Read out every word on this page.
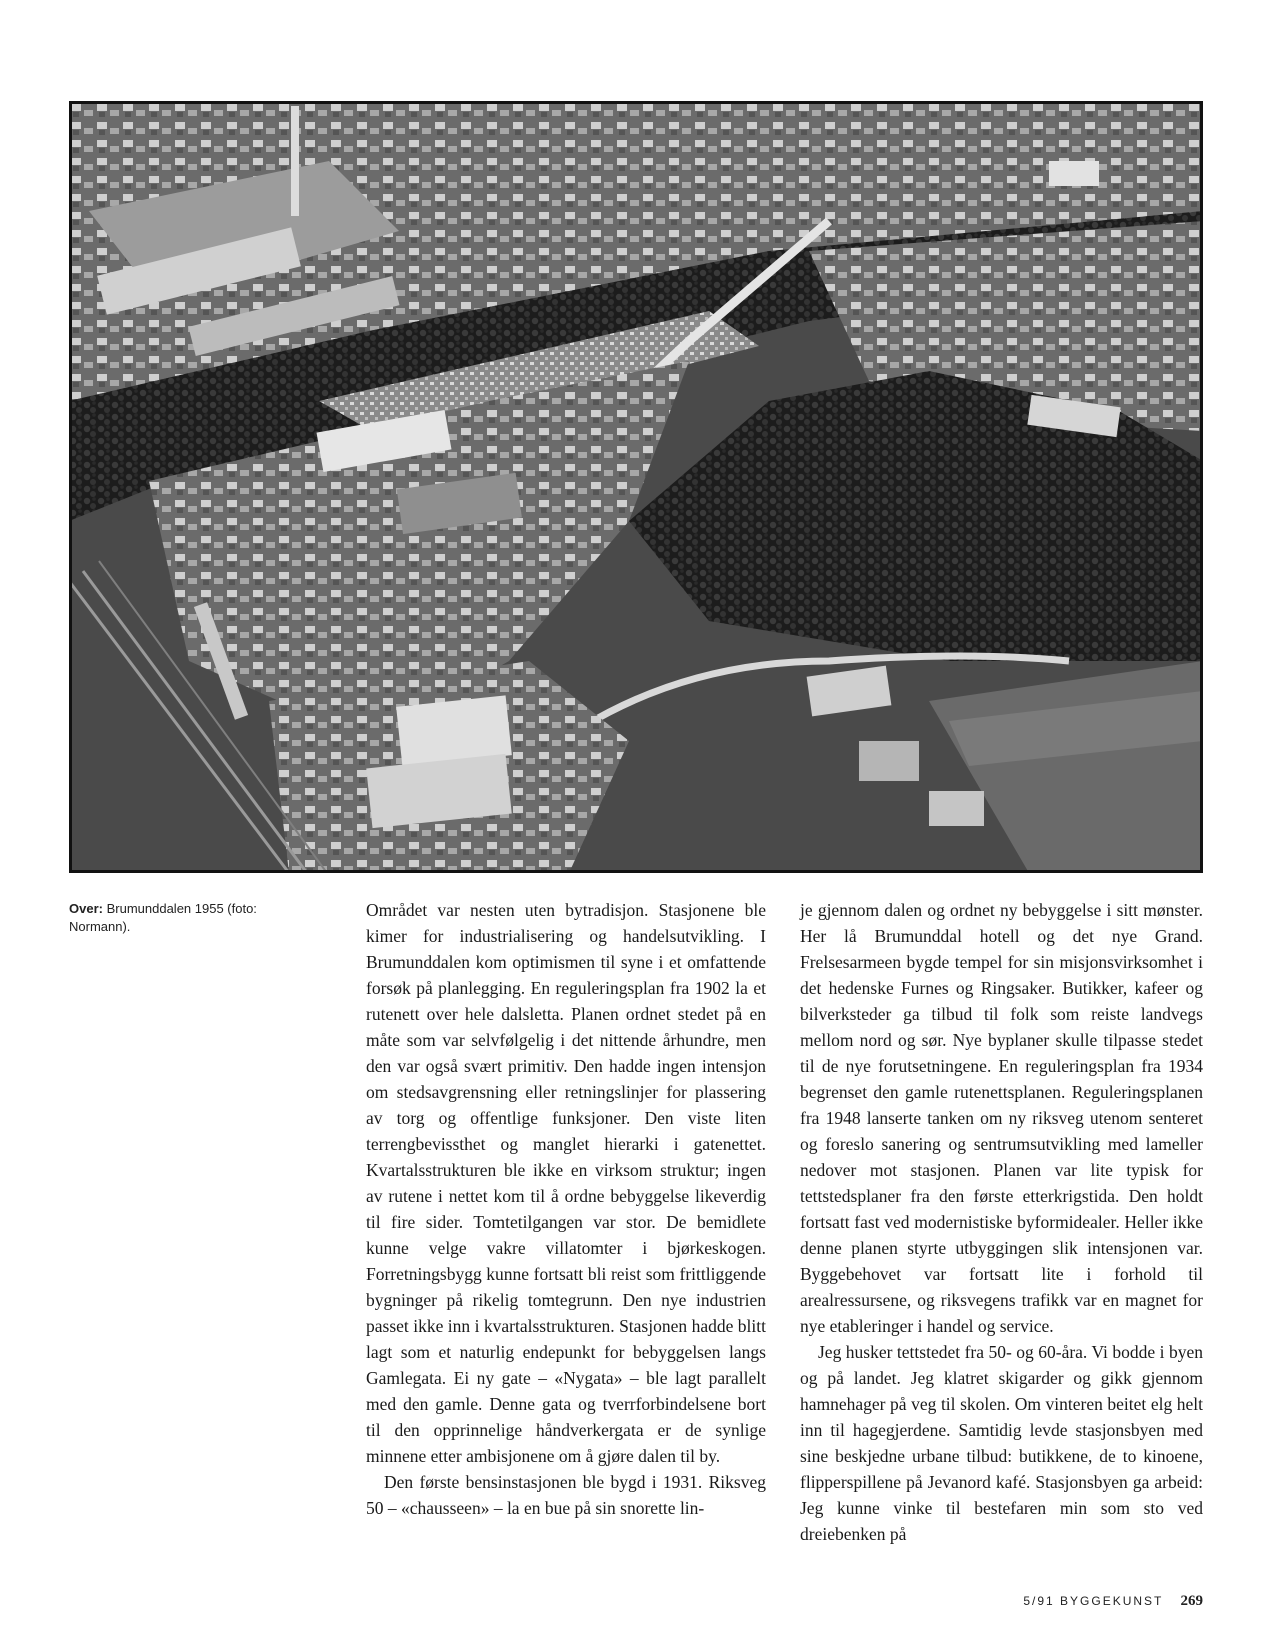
Over: Brumunddalen 1955 (foto: Normann).

Området var nesten uten bytradisjon. Stasjonene ble kimer for industrialisering og handelsutvikling. I Brumunddalen kom optimismen til syne i et omfattende forsøk på planlegging. En reguleringsplan fra 1902 la et rutenett over hele dalsletta. Planen ordnet stedet på en måte som var selvfølgelig i det nittende århundre, men den var også svært primitiv. Den hadde ingen intensjon om stedsavgrensning eller retningslinjer for plassering av torg og offentlige funksjoner. Den viste liten terrengbevissthet og manglet hierarki i gatenettet. Kvartalsstrukturen ble ikke en virksom struktur; ingen av rutene i nettet kom til å ordne bebyggelse likeverdig til fire sider. Tomtetilgangen var stor. De bemidlete kunne velge vakre villatomter i bjørkeskogen. Forretningsbygg kunne fortsatt bli reist som frittliggende bygninger på rikelig tomtegrunn. Den nye industrien passet ikke inn i kvartalsstrukturen. Stasjonen hadde blitt lagt som et naturlig endepunkt for bebyggelsen langs Gamlegata. Ei ny gate – «Nygata» – ble lagt parallelt med den gamle. Denne gata og tverrforbindelsene bort til den opprinnelige håndverkergata er de synlige minnene etter ambisjonene om å gjøre dalen til by.

Den første bensinstasjonen ble bygd i 1931. Riksveg 50 – «chausseen» – la en bue på sin snorette lin-

je gjennom dalen og ordnet ny bebyggelse i sitt mønster. Her lå Brumunddal hotell og det nye Grand. Frelsesarmeen bygde tempel for sin misjonsvirksomhet i det hedenske Furnes og Ringsaker. Butikker, kafeer og bilverksteder ga tilbud til folk som reiste landvegs mellom nord og sør. Nye byplaner skulle tilpasse stedet til de nye forutsetningene. En reguleringsplan fra 1934 begrenset den gamle rutenettsplanen. Reguleringsplanen fra 1948 lanserte tanken om ny riksveg utenom senteret og foreslo sanering og sentrumsutvikling med lameller nedover mot stasjonen. Planen var lite typisk for tettstedsplaner fra den første etterkrigstida. Den holdt fortsatt fast ved modernistiske byformidealer. Heller ikke denne planen styrte utbyggingen slik intensjonen var. Byggebehovet var fortsatt lite i forhold til arealressursene, og riksvegens trafikk var en magnet for nye etableringer i handel og service.

Jeg husker tettstedet fra 50- og 60-åra. Vi bodde i byen og på landet. Jeg klatret skigarder og gikk gjennom hamnehager på veg til skolen. Om vinteren beitet elg helt inn til hagegjerdene. Samtidig levde stasjonsbyen med sine beskjedne urbane tilbud: butikkene, de to kinoene, flipperspillene på Jevanord kafé. Stasjonsbyen ga arbeid: Jeg kunne vinke til bestefaren min som sto ved dreiebenken på

5/91 BYGGEKUNST 269
